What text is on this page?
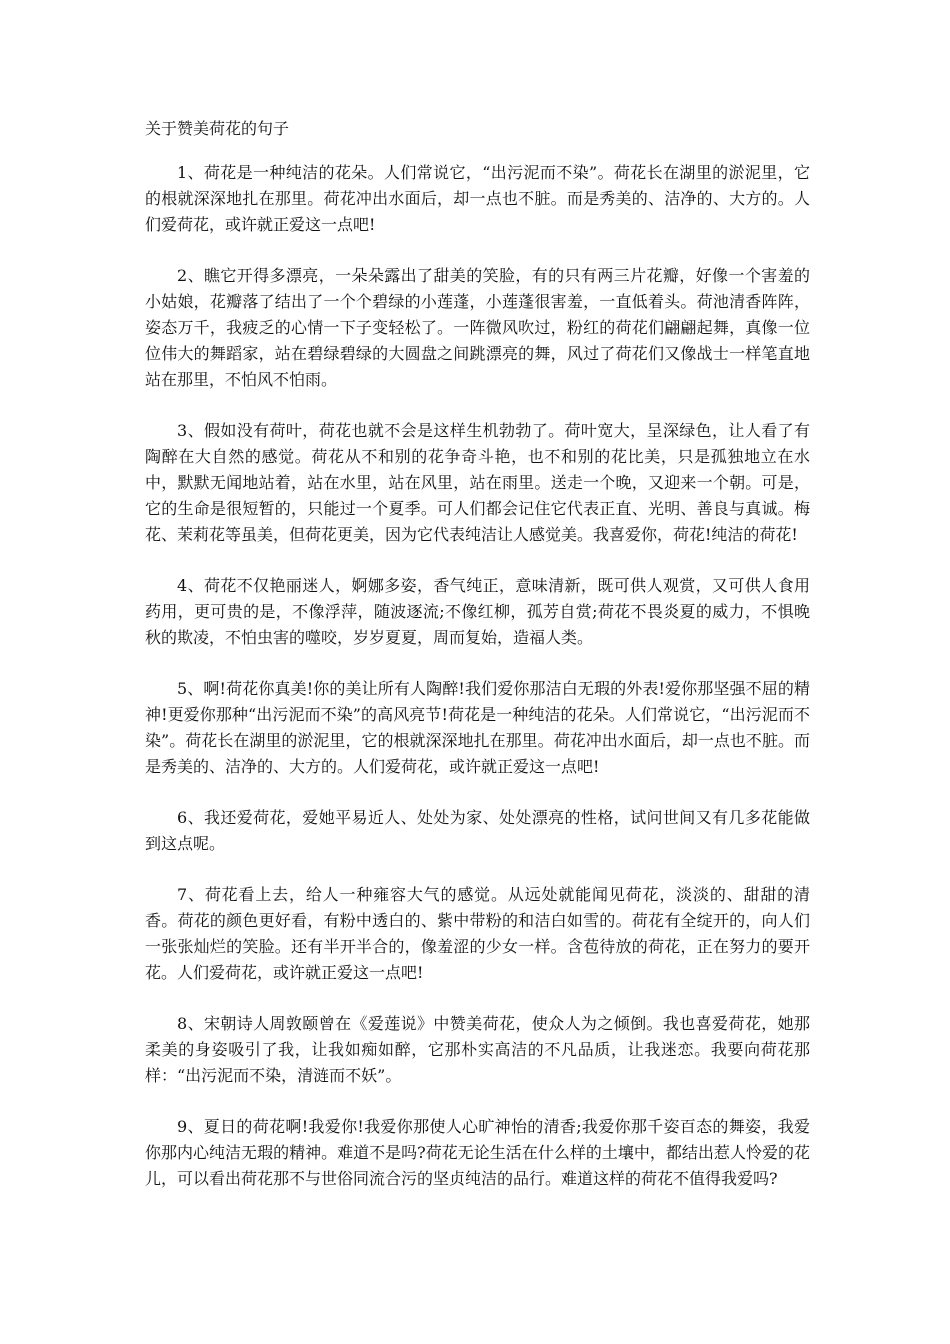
关于赞美荷花的句子

1、荷花是一种纯洁的花朵。人们常说它，“出污泥而不染”。荷花长在湖里的淤泥里，它的根就深深地扎在那里。荷花冲出水面后，却一点也不脏。而是秀美的、洁净的、大方的。人们爱荷花，或许就正爱这一点吧!

2、瞧它开得多漂亮，一朵朵露出了甜美的笑脸，有的只有两三片花瓣，好像一个害羞的小姑娘，花瓣落了结出了一个个碧绿的小莲蓬，小莲蓬很害羞，一直低着头。荷池清香阵阵，姿态万千，我疲乏的心情一下子变轻松了。一阵微风吹过，粉红的荷花们翩翩起舞，真像一位位伟大的舞蹈家，站在碧绿碧绿的大圆盘之间跳漂亮的舞，风过了荷花们又像战士一样笔直地站在那里，不怕风不怕雨。

3、假如没有荷叶，荷花也就不会是这样生机勃勃了。荷叶宽大，呈深绿色，让人看了有陶醉在大自然的感觉。荷花从不和别的花争奇斗艳，也不和别的花比美，只是孤独地立在水中，默默无闻地站着，站在水里，站在风里，站在雨里。送走一个晚，又迎来一个朝。可是，它的生命是很短暂的，只能过一个夏季。可人们都会记住它代表正直、光明、善良与真诚。梅花、茉莉花等虽美，但荷花更美，因为它代表纯洁让人感觉美。我喜爱你，荷花!纯洁的荷花!

4、荷花不仅艳丽迷人，婀娜多姿，香气纯正，意味清新，既可供人观赏，又可供人食用药用，更可贵的是，不像浮萍，随波逐流;不像红柳，孤芳自赏;荷花不畏炎夏的威力，不惧晚秋的欺凌，不怕虫害的噬咬，岁岁夏夏，周而复始，造福人类。

5、啊!荷花你真美!你的美让所有人陶醉!我们爱你那洁白无瑕的外表!爱你那坚强不屈的精神!更爱你那种“出污泥而不染”的高风亮节!荷花是一种纯洁的花朵。人们常说它，“出污泥而不染”。荷花长在湖里的淤泥里，它的根就深深地扎在那里。荷花冲出水面后，却一点也不脏。而是秀美的、洁净的、大方的。人们爱荷花，或许就正爱这一点吧!

6、我还爱荷花，爱她平易近人、处处为家、处处漂亮的性格，试问世间又有几多花能做到这点呢。

7、荷花看上去，给人一种雍容大气的感觉。从远处就能闻见荷花，淡淡的、甜甜的清香。荷花的颜色更好看，有粉中透白的、紫中带粉的和洁白如雪的。荷花有全绽开的，向人们一张张灿烂的笑脸。还有半开半合的，像羞涩的少女一样。含苞待放的荷花，正在努力的要开花。人们爱荷花，或许就正爱这一点吧!

8、宋朝诗人周敦颐曾在《爱莲说》中赞美荷花，使众人为之倾倒。我也喜爱荷花，她那柔美的身姿吸引了我，让我如痴如醉，它那朴实高洁的不凡品质，让我迷恋。我要向荷花那样：“出污泥而不染，清涟而不妖”。

9、夏日的荷花啊!我爱你!我爱你那使人心旷神怡的清香;我爱你那千姿百态的舞姿，我爱你那内心纯洁无瑕的精神。难道不是吗?荷花无论生活在什么样的土壤中，都结出惹人怜爱的花儿，可以看出荷花那不与世俗同流合污的坚贞纯洁的品行。难道这样的荷花不值得我爱吗?
